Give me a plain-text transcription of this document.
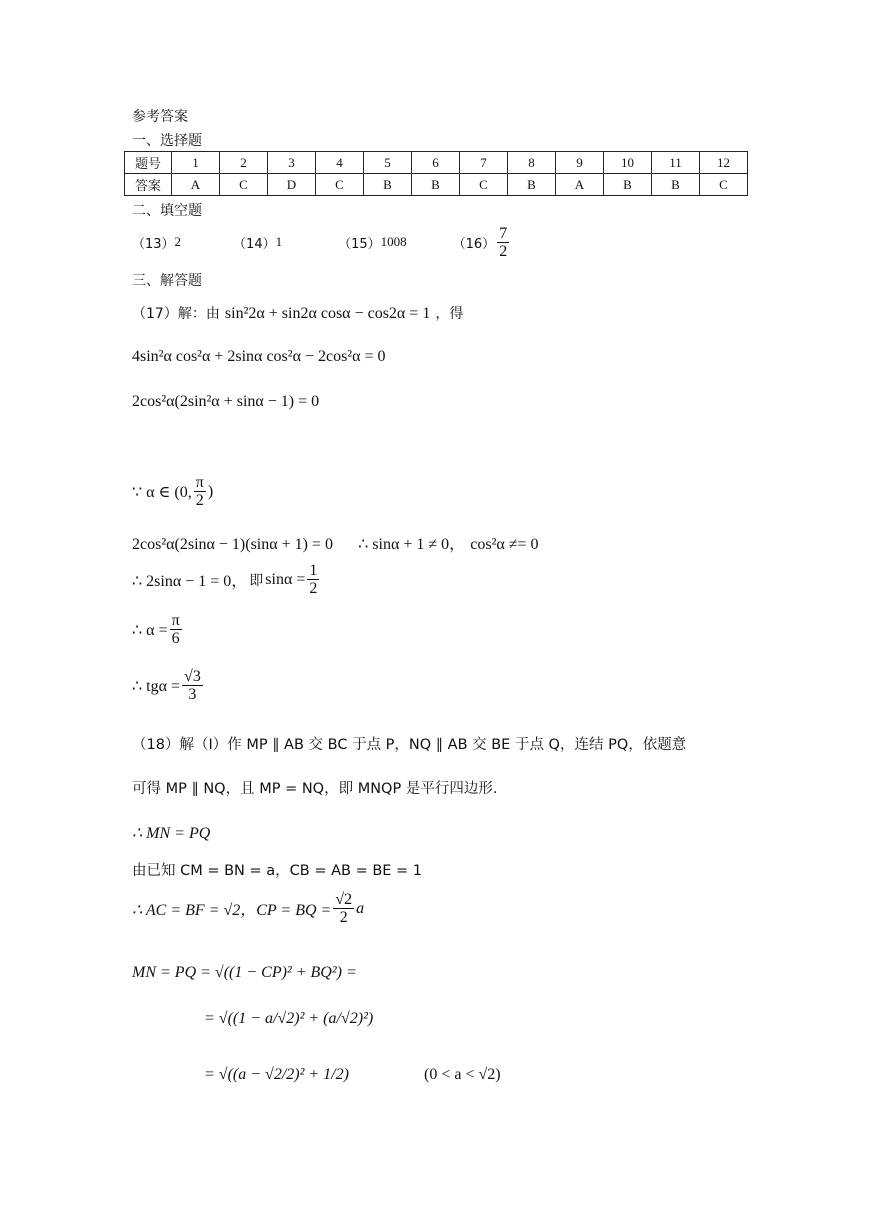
参考答案
一、选择题
题号	1	2	3	4	5	6	7	8	9	10	11	12
答案	A	C	D	C	B	B	C	B	A	B	B	C
二、填空题
（13） 2	（14） 1	（15） 1008	$(16) \frac{7}{2}$
三、解答题
（17）解：由 sin²2α + sin2α cosα − cos2α = 1 ，得
4sin²α cos²α + 2sinα cos²α − 2cos²α = 0
2cos²α(2sin²α + sinα − 1) = 0
∵ α ∈ (0, $\frac{\pi}{2}$ )
2cos²α(2sinα − 1)(sinα + 1) = 0 ∴ sinα + 1 ≠ 0， cos²α ≠= 0
∴ 2sinα − 1 = 0， 即 $\sin\alpha = \frac{1}{2}$
∴ $\alpha = \frac{\pi}{6}$
∴ $tg\alpha = \frac{√3}{3}$
（18）解（I）作 MP ∥ AB 交 BC 于点 P，NQ ∥ AB 交 BE 于点 Q，连结 PQ，依题意
可得 MP ∥ NQ，且 MP = NQ，即 MNQP 是平行四边形.
∴ MN = PQ
由已知 CM = BN = a，CB = AB = BE = 1
∴ AC = BF = √2，CP = BQ = $\frac{√2}{2}$ a
MN = PQ = √((1 − CP)² + BQ²) =
= √((1 − a/√2)² + (a/√2)²)
= √((a − √2/2)² + 1/2)	(0 < a < √2)
